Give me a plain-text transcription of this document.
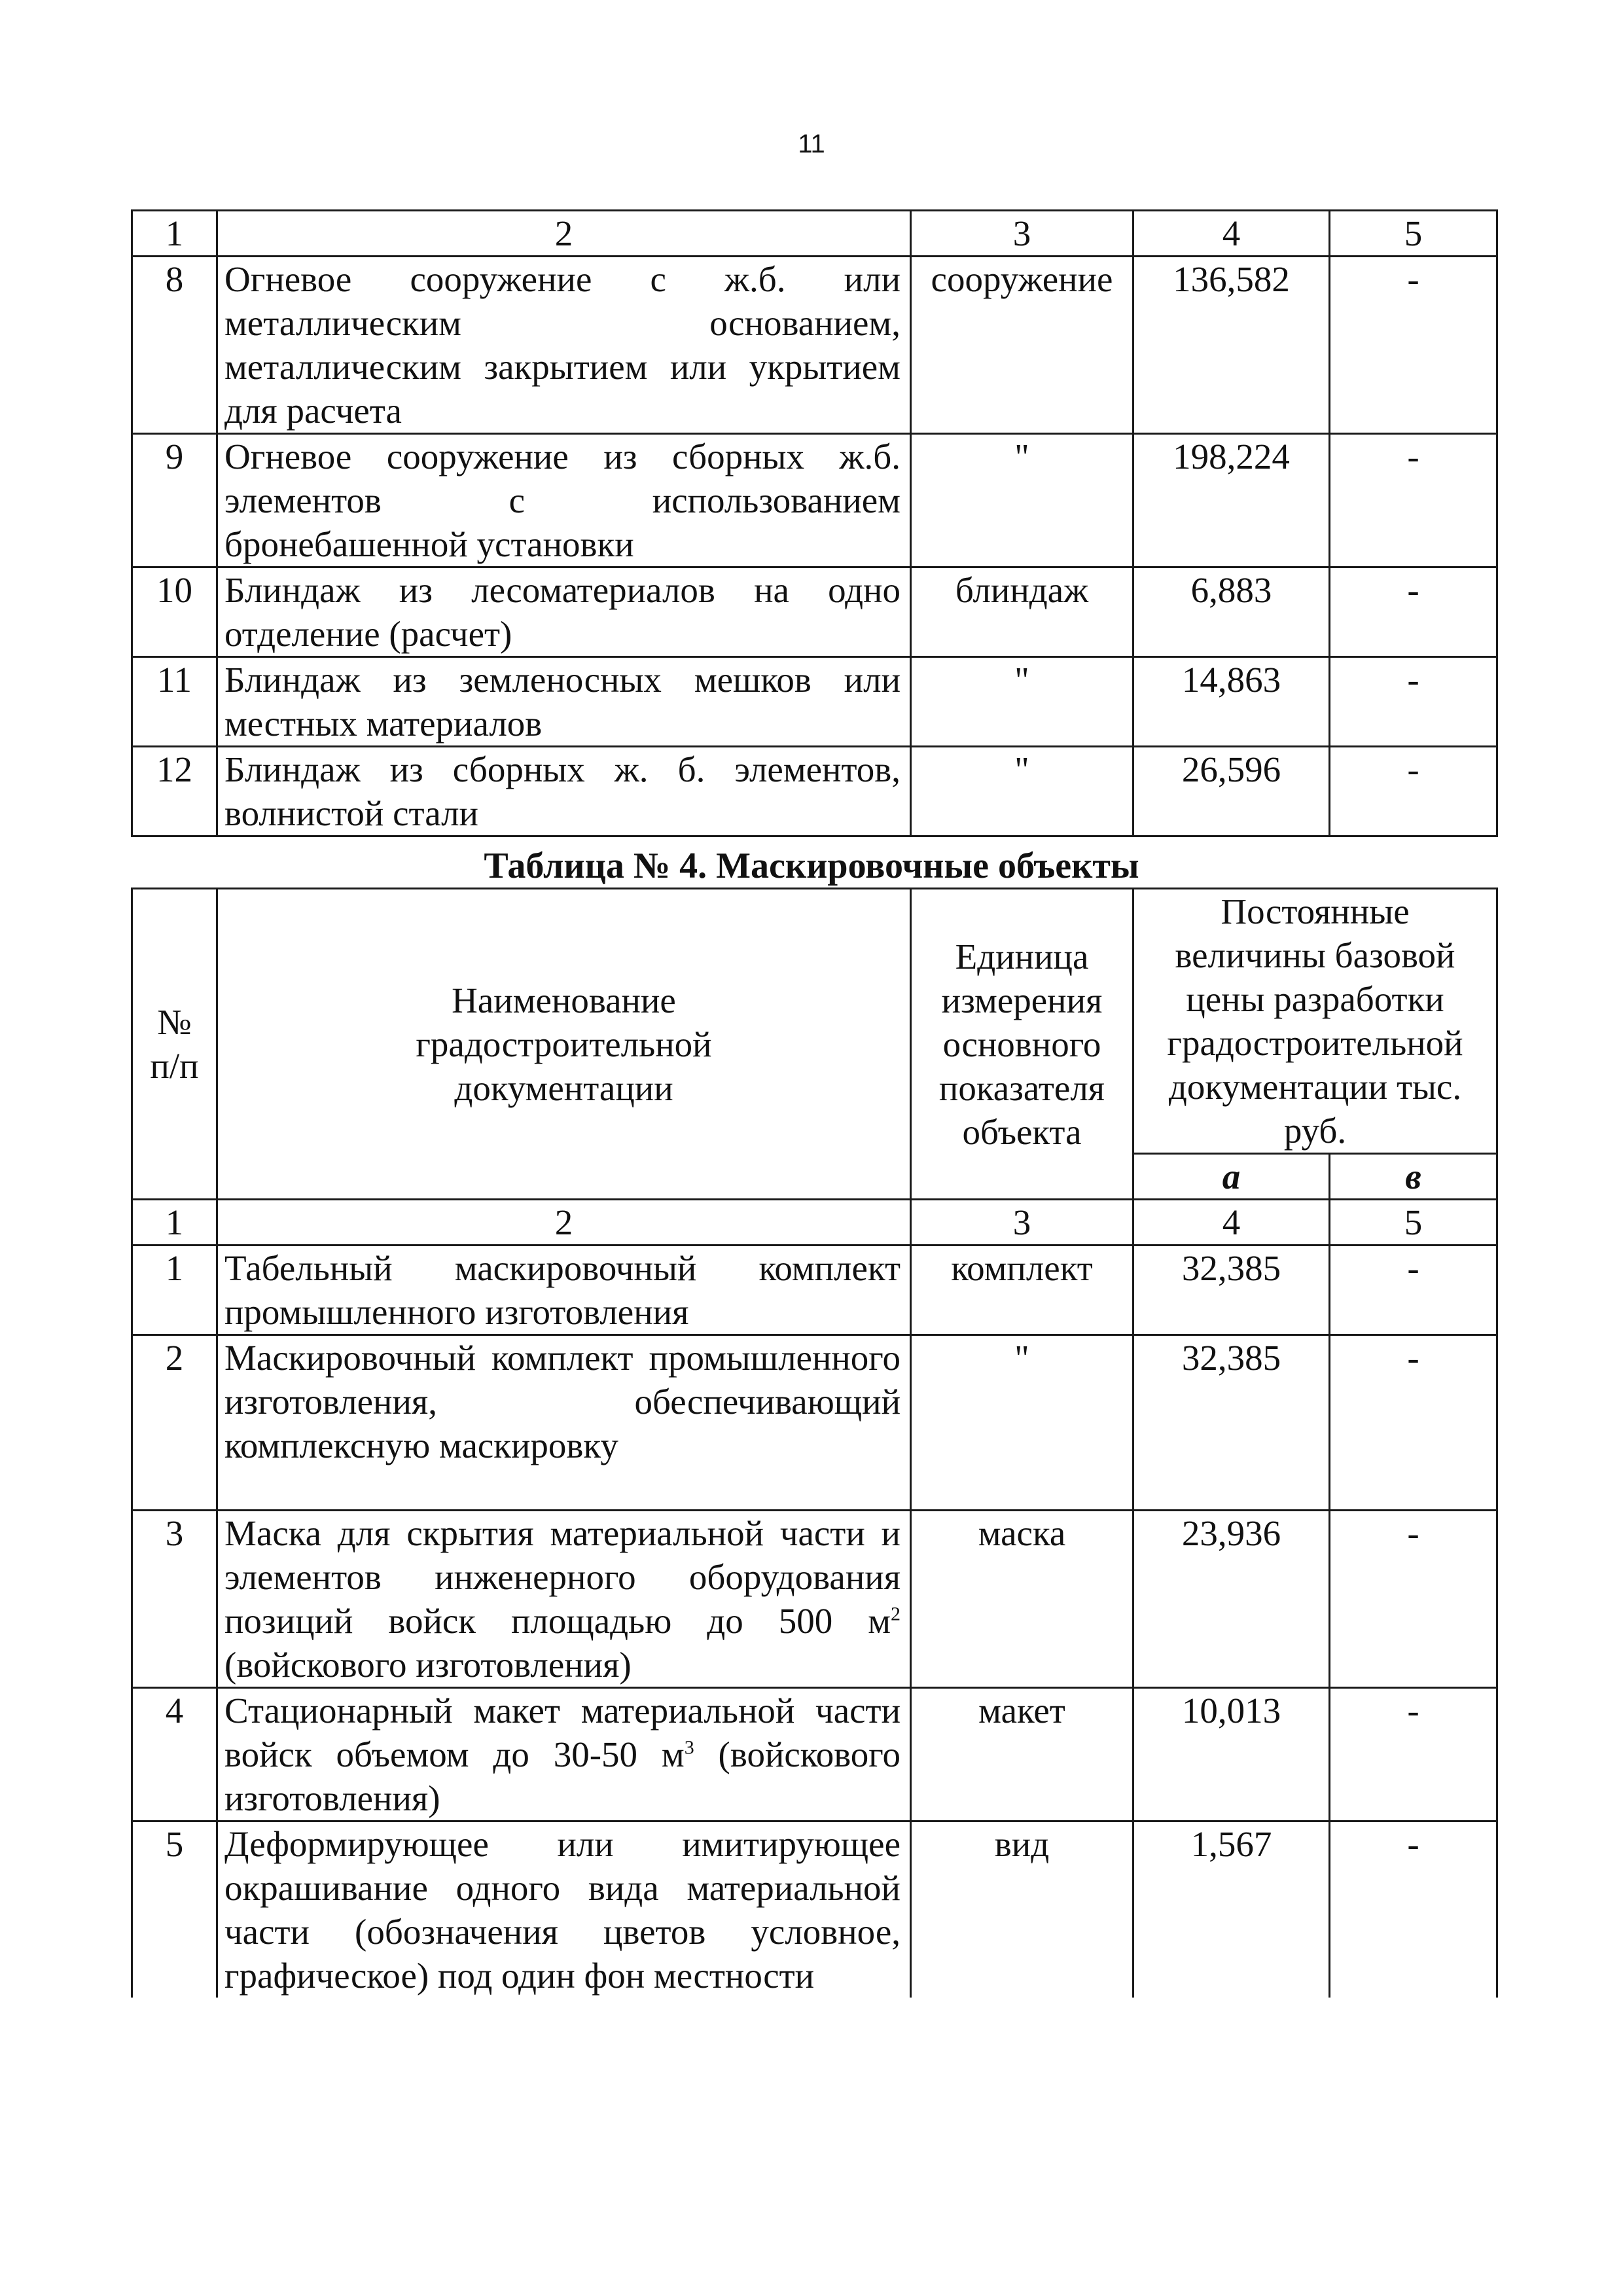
11
1	2	3	4	5
8	Огневое сооружение с ж.б. или металлическим основанием, металлическим закрытием или укрытием для расчета	сооружение	136,582	-
9	Огневое сооружение из сборных ж.б. элементов с использованием бронебашенной установки	"	198,224	-
10	Блиндаж из лесоматериалов на одно отделение (расчет)	блиндаж	6,883	-
11	Блиндаж из земленосных мешков или местных материалов	"	14,863	-
12	Блиндаж из сборных ж. б. элементов, волнистой стали	"	26,596	-
Таблица № 4. Маскировочные объекты
№ п/п	Наименование градостроительной документации	Единица измерения основного показателя объекта	Постоянные величины базовой цены разработки градостроительной документации тыс. руб.	
			а	в
1	2	3	4	5
1	Табельный маскировочный комплект промышленного изготовления	комплект	32,385	-
2	Маскировочный комплект промышленного изготовления, обеспечивающий комплексную маскировку	"	32,385	-
3	Маска для скрытия материальной части и элементов инженерного оборудования позиций войск площадью до 500 $м^2$ (войскового изготовления)	маска	23,936	-
4	Стационарный макет материальной части войск объемом до 30-50 $м^3$ (войскового изготовления)	макет	10,013	-
5	Деформирующее или имитирующее окрашивание одного вида материальной части (обозначения цветов условное, графическое) под один фон местности	вид	1,567	-
